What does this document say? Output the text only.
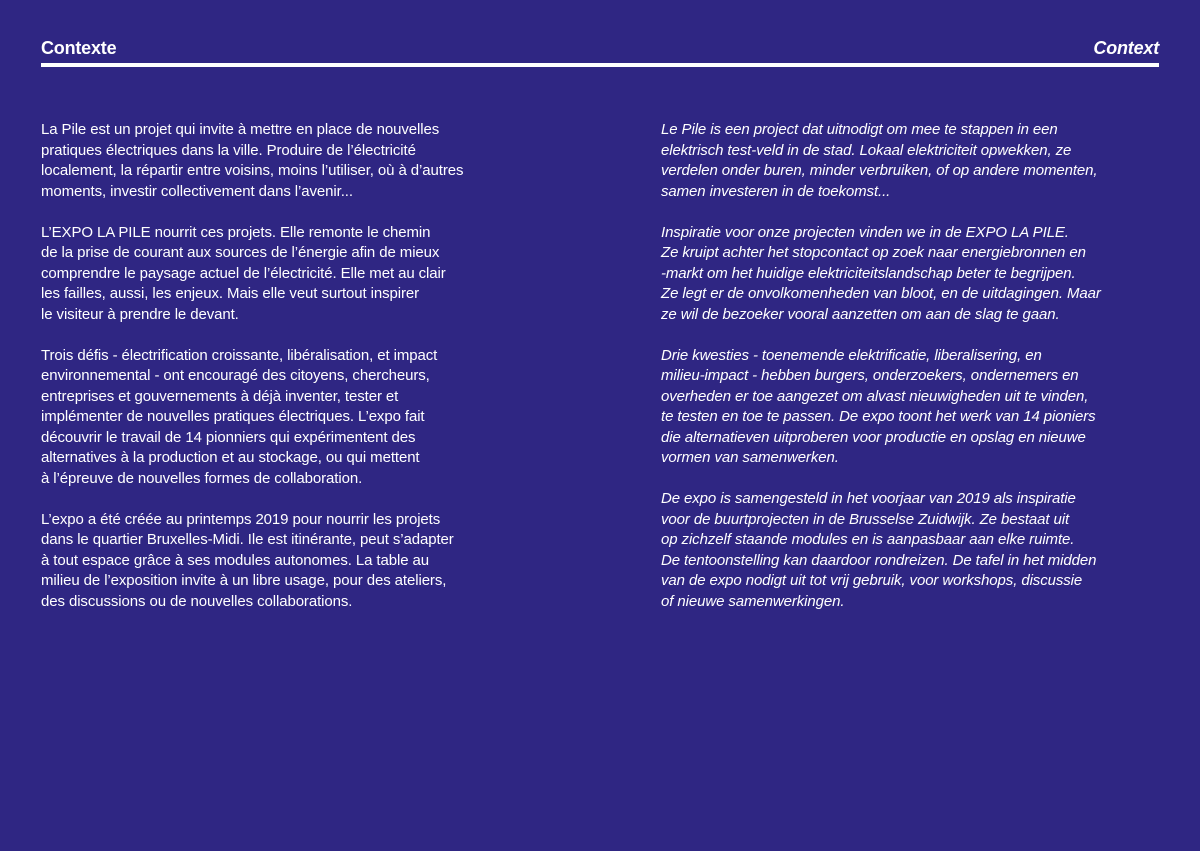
Contexte	Context

La Pile est un projet qui invite à mettre en place de nouvelles
pratiques électriques dans la ville. Produire de l’électricité
localement, la répartir entre voisins, moins l’utiliser, où à d’autres
moments, investir collectivement dans l’avenir...

L’EXPO LA PILE nourrit ces projets. Elle remonte le chemin
de la prise de courant aux sources de l’énergie afin de mieux
comprendre le paysage actuel de l’électricité. Elle met au clair
les failles, aussi, les enjeux. Mais elle veut surtout inspirer
le visiteur à prendre le devant.

Trois défis - électrification croissante, libéralisation, et impact
environnemental - ont encouragé des citoyens, chercheurs,
entreprises et gouvernements à déjà inventer, tester et
implémenter de nouvelles pratiques électriques. L’expo fait
découvrir le travail de 14 pionniers qui expérimentent des
alternatives à la production et au stockage, ou qui mettent
à l’épreuve de nouvelles formes de collaboration.

L’expo a été créée au printemps 2019 pour nourrir les projets
dans le quartier Bruxelles-Midi. Ile est itinérante, peut s’adapter
à tout espace grâce à ses modules autonomes. La table au
milieu de l’exposition invite à un libre usage, pour des ateliers,
des discussions ou de nouvelles collaborations.

Le Pile is een project dat uitnodigt om mee te stappen in een
elektrisch test-veld in de stad. Lokaal elektriciteit opwekken, ze
verdelen onder buren, minder verbruiken, of op andere momenten,
samen investeren in de toekomst...

Inspiratie voor onze projecten vinden we in de EXPO LA PILE.
Ze kruipt achter het stopcontact op zoek naar energiebronnen en
-markt om het huidige elektriciteitslandschap beter te begrijpen.
Ze legt er de onvolkomenheden van bloot, en de uitdagingen. Maar
ze wil de bezoeker vooral aanzetten om aan de slag te gaan.

Drie kwesties - toenemende elektrificatie, liberalisering, en
milieu-impact - hebben burgers, onderzoekers, ondernemers en
overheden er toe aangezet om alvast nieuwigheden uit te vinden,
te testen en toe te passen. De expo toont het werk van 14 pioniers
die alternatieven uitproberen voor productie en opslag en nieuwe
vormen van samenwerken.

De expo is samengesteld in het voorjaar van 2019 als inspiratie
voor de buurtprojecten in de Brusselse Zuidwijk. Ze bestaat uit
op zichzelf staande modules en is aanpasbaar aan elke ruimte.
De tentoonstelling kan daardoor rondreizen. De tafel in het midden
van de expo nodigt uit tot vrij gebruik, voor workshops, discussie
of nieuwe samenwerkingen.
